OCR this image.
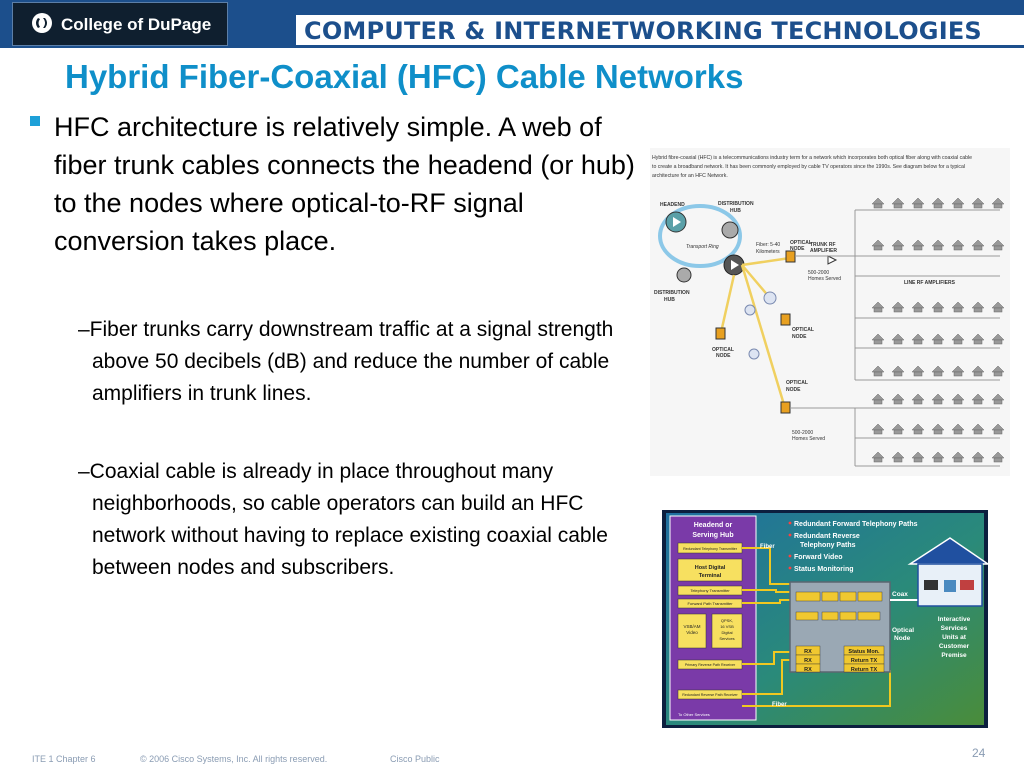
College of DuPage	COMPUTER & INTERNETWORKING TECHNOLOGIES
Hybrid Fiber-Coaxial (HFC) Cable Networks
HFC architecture is relatively simple. A web of fiber trunk cables connects the headend (or hub) to the nodes where optical-to-RF signal conversion takes place.
–Fiber trunks carry downstream traffic at a signal strength above 50 decibels (dB) and reduce the number of cable amplifiers in trunk lines.
–Coaxial cable is already in place throughout many neighborhoods, so cable operators can build an HFC network without having to replace existing coaxial cable between nodes and subscribers.
Hybrid fibre-coaxial (HFC) is a telecommunications industry term for a network which incorporates both optical fiber along with coaxial cable
to create a broadband network. It has been commonly employed by cable TV operators since the 1990s. See diagram below for a typical
architecture for an HFC Network.
Transport Ring
HEADEND	DISTRIBUTION
HUB
DISTRIBUTION
HUB
Fiber: 5-40
Kilometers
OPTICAL
NODE
OPTICAL
NODE
OPTICAL
NODE
OPTICAL
NODE
TRUNK RF
AMPLIFIER
500-2000
Homes Served
500-2000
Homes Served
LINE RF AMPLIFIERS
Headend or
Serving Hub
Redundant Telephony Transmitter
Host Digital
Terminal
Telephony Transmitter
Forward Path Transmitter
VSB/AM
Video
QPSK,
16 VSB
Digital
Services
Primary Reverse Path Receiver
Redundant Reverse Path Receiver
To Other Services
Fiber
Fiber
Redundant Forward Telephony Paths
Redundant Reverse
Telephony Paths
Forward Video
Status Monitoring
RX
RX
RX
Status Mon.
Return TX
Return TX
Optical
Node
Coax
Interactive
Services
Units at
Customer
Premise
ITE 1 Chapter 6	© 2006 Cisco Systems, Inc. All rights reserved.	Cisco Public	24
